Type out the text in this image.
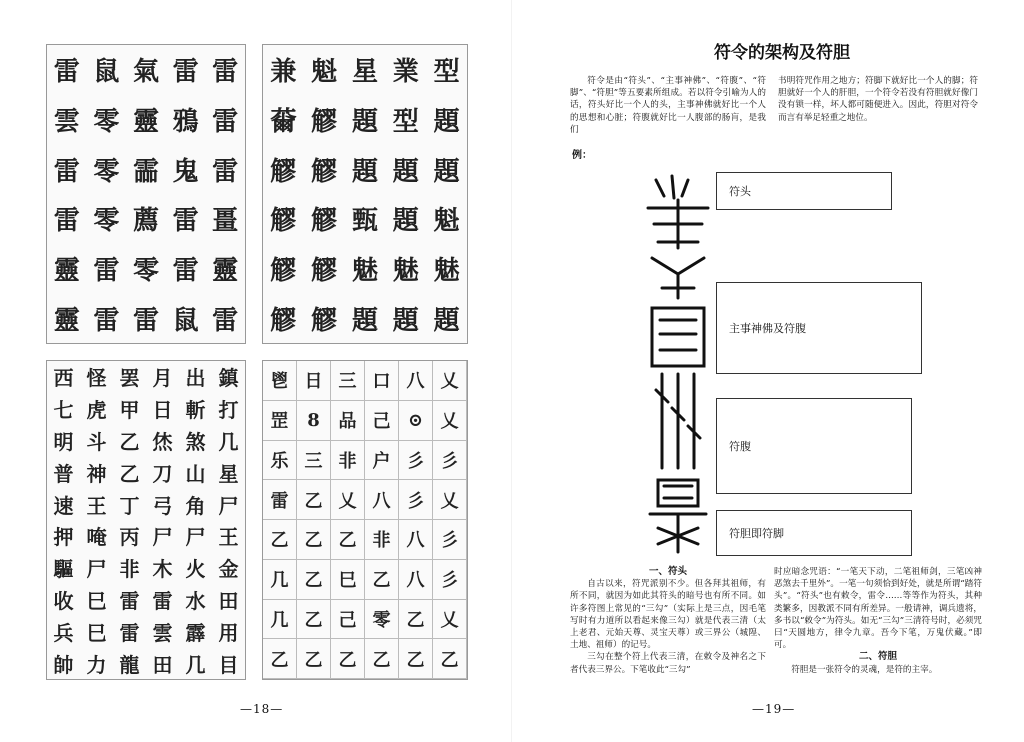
雷 鼠 氣 雷 雷
雲 零 靈 鴉 雷
雷 零 霝 鬼 雷
雷 零 薦 雷 畺
靈 雷 零 雷 靈
靈 雷 雷 鼠 雷
兼 魁 星 業 型
䕥 䚧 題 型 題
䚧 䚧 題 題 題
䚧 䚧 甄 題 魁
䚧 䚧 魅 魅 魅
䚧 䚧 題 題 題
西 怪 罢 月 出 鎮
七 虎 甲 日 斬 打
明 斗 乙 烋 煞 几
普 神 乙 刀 山 星
速 王 丁 弓 角 尸
押 唵 丙 尸 尸 王
驅 尸 非 木 火 金
收 巳 雷 雷 水 田
兵 巳 雷 雲 霹 用
帥 力 龍 田 几 目
鬯 日 三 口 八 乂
罡	8	品 己 ⊙ 乂
乐 三 非 户 彡 彡
雷 乙 乂 八 彡 乂
乙 乙 乙 非 八 彡
几 乙 巳 乙 八 彡
几 乙 己 零 乙 乂
乙 乙 乙 乙 乙 乙
—18—
符令的架构及符胆
符令是由“符头”、“主事神佛”、“符腹”、“符脚”、“符胆”等五要素所组成。若以符令引喻为人的话，符头好比一个人的头，主事神佛就好比一个人的思想和心脏；符腹就好比一人腹部的肠肓，是我们
书明符咒作用之地方；符脚下就好比一个人的脚；符胆就好一个人的肝胆，一个符令若没有符胆就好像门没有锁一样，坏人都可随便进入。因此，符胆对符令而言有举足轻重之地位。
例：
符头
主事神佛及符腹
符腹
符胆即符脚
一、符头
自古以来，符咒派别不少。但各拜其祖师，有所不同，就因为如此其符头的暗号也有所不同。如许多符图上常见的“三勾”（实际上是三点，因毛笔写时有力道所以看起来像三勾）就是代表三清（太上老君、元始天尊、灵宝天尊）或三界公（城隍、土地、祖师）的记号。
三勾在整个符上代表三清，在敕令及神名之下者代表三界公。下笔收此“三勾”
时应暗念咒语：“一笔天下动，二笔祖师剑，三笔凶神恶煞去千里外”。一笔一句须恰到好处，就是所谓“踏符头”。“符头”也有敕令，雷令……等等作为符头，其种类繁多，因教派不同有所差异。一般请神，调兵遗将，多书以“敕令”为符头。如无“三勾”三清符号时，必须咒曰“天圆地方，律令九章。吾今下笔，万鬼伏藏。”即可。
二、符胆
符胆是一张符令的灵魂，是符的主宰。
—19—
